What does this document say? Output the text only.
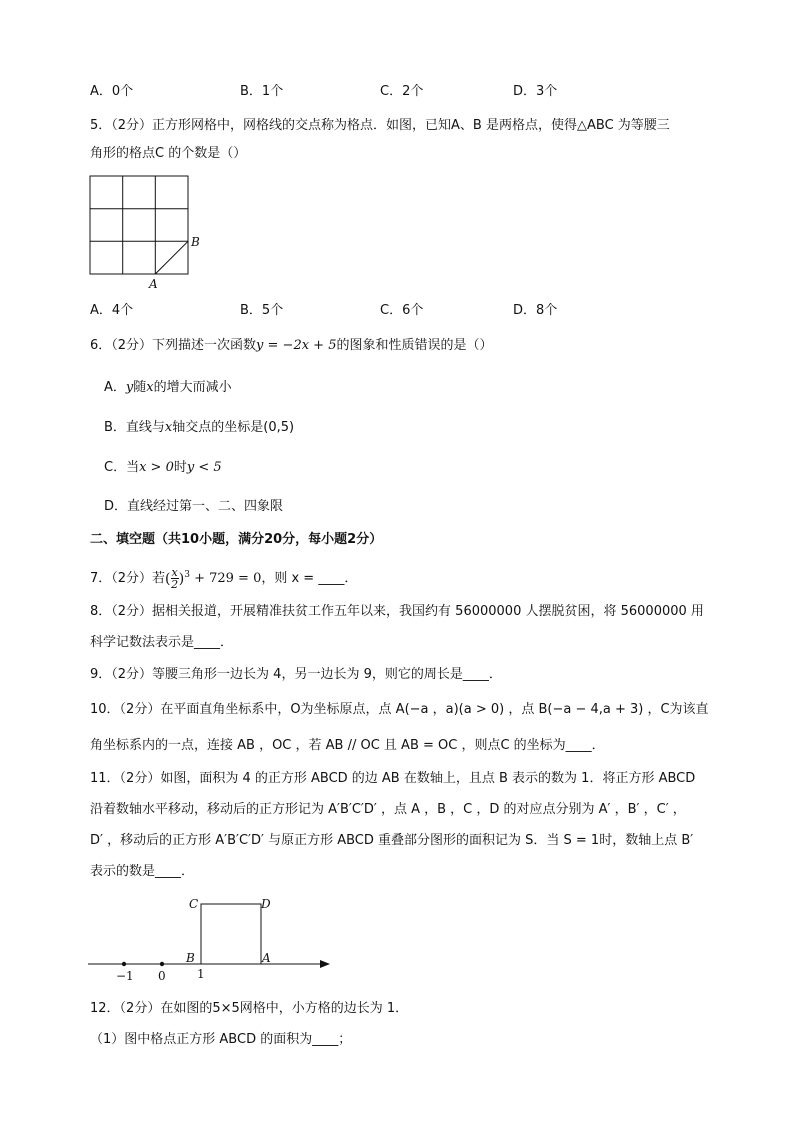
A．0个	B．1个	C．2个	D．3个
5．（2分）正方形网格中，网格线的交点称为格点．如图，已知A、B 是两格点，使得△ABC 为等腰三
角形的格点C 的个数是（）
B
A
A．4个	B．5个	C．6个	D．8个
6．（2分）下列描述一次函数y = −2x + 5的图象和性质错误的是（）
A．y随x的增大而减小
B．直线与x轴交点的坐标是(0,5)
C．当x > 0时y < 5
D．直线经过第一、二、四象限
二、填空题（共10小题，满分20分，每小题2分）
7．（2分）若( $\frac{x}{2} )^3 + 729 = 0$，则 x = ____．
8．（2分）据相关报道，开展精准扶贫工作五年以来，我国约有 56000000 人摆脱贫困，将 56000000 用
科学记数法表示是____．
9．（2分）等腰三角形一边长为 4，另一边长为 9，则它的周长是____．
10．（2分）在平面直角坐标系中，O为坐标原点，点 A(−a ，a)(a > 0) ，点 B(−a − 4,a + 3) ，C为该直
角坐标系内的一点，连接 AB ，OC ，若 AB // OC 且 AB = OC ，则点C 的坐标为____．
11．（2分）如图，面积为 4 的正方形 ABCD 的边 AB 在数轴上，且点 B 表示的数为 1．将正方形 ABCD
沿着数轴水平移动，移动后的正方形记为 A′B′C′D′ ，点 A ，B ，C ，D 的对应点分别为 A′ ，B′ ，C′ ，
D′ ，移动后的正方形 A′B′C′D′ 与原正方形 ABCD 重叠部分图形的面积记为 S．当 S = 1时，数轴上点 B′
表示的数是____．
C	D
B	A
−1 0	1
12．（2分）在如图的5×5网格中，小方格的边长为 1．
（1）图中格点正方形 ABCD 的面积为____；
